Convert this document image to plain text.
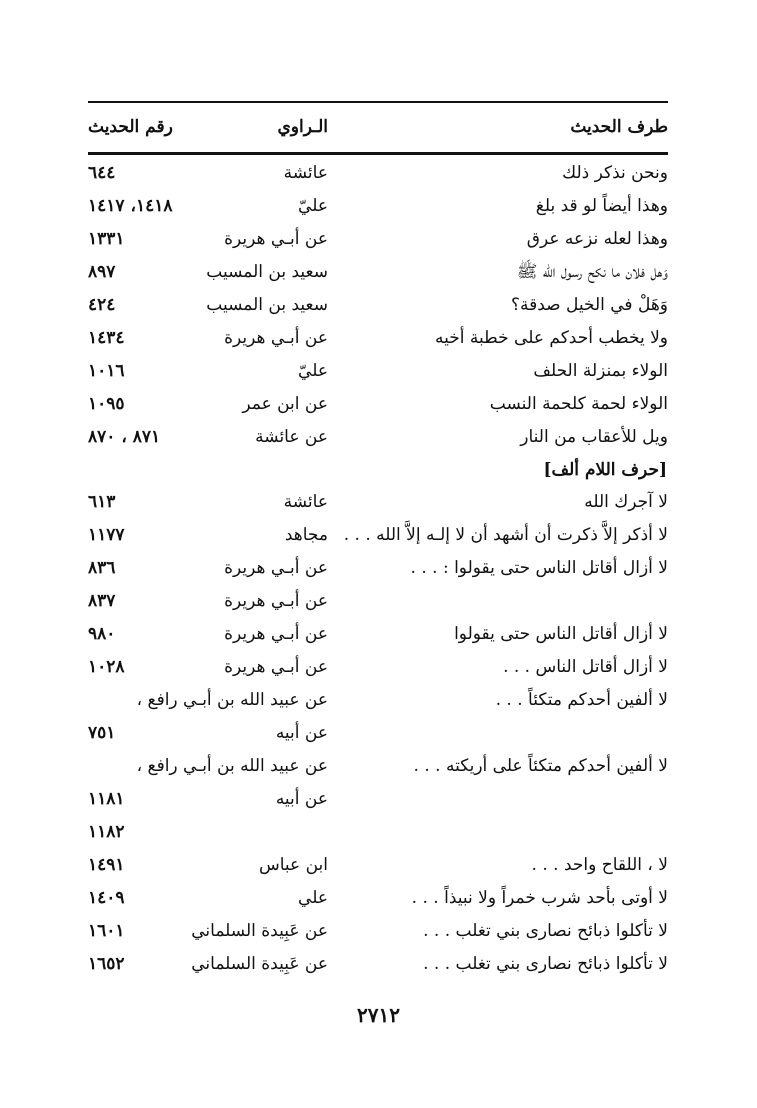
طرف الحديث
الـراوي
رقم الحديث
ونحن نذكر ذلك
عائشة
٦٤٤
وهذا أيضاً لو قد بلغ
عليّ
١٤١٨، ١٤١٧
وهذا لعله نزعه عرق
عن أبـي هريرة
١٣٣١
وَهل فلان ما نكح رسول الله ﷺ
سعيد بن المسيب
٨٩٧
وَهَلْ في الخيل صدقة؟
سعيد بن المسيب
٤٢٤
ولا يخطب أحدكم على خطبة أخيه
عن أبـي هريرة
١٤٣٤
الولاء بمنزلة الحلف
عليّ
١٠١٦
الولاء لحمة كلحمة النسب
عن ابن عمر
١٠٩٥
ويل للأعقاب من النار
عن عائشة
٨٧١ ، ٨٧٠
[حرف اللام ألف]
لا آجرك الله
عائشة
٦١٣
لا أذكر إلاَّ ذكرت أن أشهد أن لا إلـه إلاَّ الله . . .
مجاهد
١١٧٧
لا أزال أقاتل الناس حتى يقولوا : . . .
عن أبـي هريرة
٨٣٦
عن أبـي هريرة
٨٣٧
لا أزال أقاتل الناس حتى يقولوا
عن أبـي هريرة
٩٨٠
لا أزال أقاتل الناس . . .
عن أبـي هريرة
١٠٢٨
لا ألفين أحدكم متكئاً . . .
عن عبيد الله بن أبـي رافع ،
عن أبيه
٧٥١
لا ألفين أحدكم متكئاً على أريكته . . .
عن عبيد الله بن أبـي رافع ،
عن أبيه
١١٨١
١١٨٢
لا ، اللقاح واحد . . .
ابن عباس
١٤٩١
لا أوتى بأحد شرب خمراً ولا نبيذاً . . .
علي
١٤٠٩
لا تأكلوا ذبائح نصارى بني تغلب . . .
عن عَبِيدة السلماني
١٦٠١
لا تأكلوا ذبائح نصارى بني تغلب . . .
عن عَبِيدة السلماني
١٦٥٢
٢٧١٢
